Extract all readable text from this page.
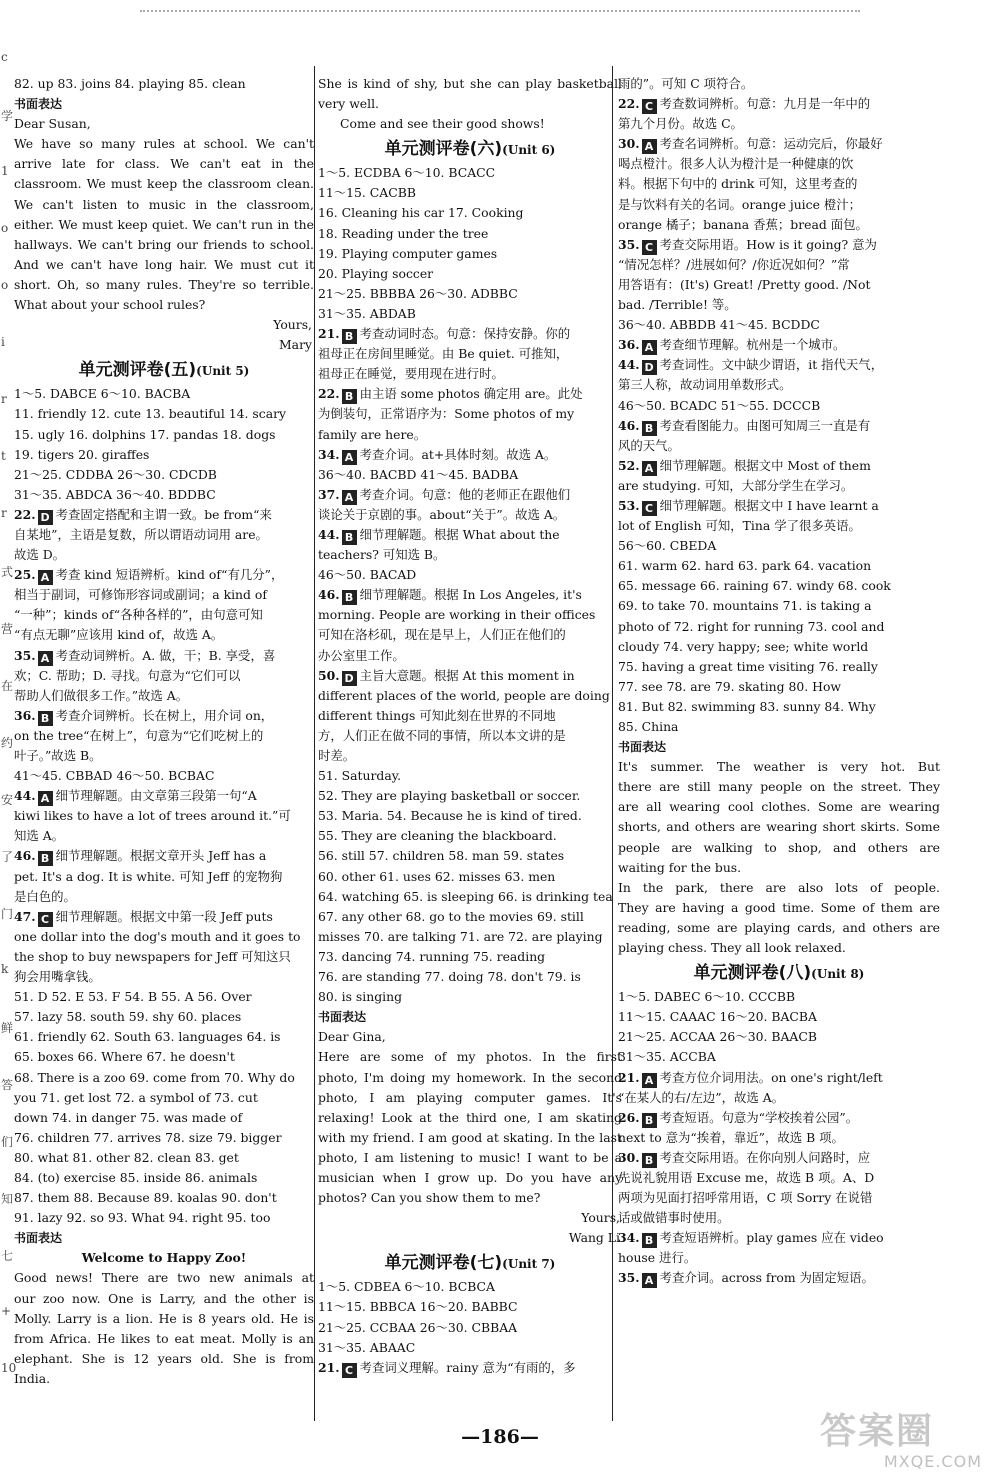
c
学
1
o
o
i
r
t
r
式
营
在
约
安
了
门
k
鲜
答
们
知
七
+
10
82. up 83. joins 84. playing 85. clean
书面表达
Dear Susan,
We have so many rules at school. We can't
arrive late for class. We can't eat in the
classroom. We must keep the classroom clean.
We can't listen to music in the classroom,
either. We must keep quiet. We can't run in the
hallways. We can't bring our friends to school.
And we can't have long hair. We must cut it
short. Oh, so many rules. They're so terrible.
What about your school rules?
Yours,
Mary
单元测评卷(五)(Unit 5)
1～5. DABCE 6～10. BACBA
11. friendly 12. cute 13. beautiful 14. scary
15. ugly 16. dolphins 17. pandas 18. dogs
19. tigers 20. giraffes
21～25. CDDBA 26～30. CDCDB
31～35. ABDCA 36～40. BDDBC
22. D 考查固定搭配和主谓一致。be from“来
自某地”，主语是复数，所以谓语动词用 are。
故选 D。
25. A 考查 kind 短语辨析。kind of“有几分”，
相当于副词，可修饰形容词或副词；a kind of
“一种”；kinds of“各种各样的”，由句意可知
“有点无聊”应该用 kind of，故选 A。
35. A 考查动词辨析。A. 做，干；B. 享受，喜
欢；C. 帮助；D. 寻找。句意为“它们可以
帮助人们做很多工作。”故选 A。
36. B 考查介词辨析。长在树上，用介词 on，
on the tree“在树上”，句意为“它们吃树上的
叶子。”故选 B。
41～45. CBBAD 46～50. BCBAC
44. A 细节理解题。由文章第三段第一句“A
kiwi likes to have a lot of trees around it.”可
知选 A。
46. B 细节理解题。根据文章开头 Jeff has a
pet. It's a dog. It is white. 可知 Jeff 的宠物狗
是白色的。
47. C 细节理解题。根据文中第一段 Jeff puts
one dollar into the dog's mouth and it goes to
the shop to buy newspapers for Jeff 可知这只
狗会用嘴拿钱。
51. D 52. E 53. F 54. B 55. A 56. Over
57. lazy 58. south 59. shy 60. places
61. friendly 62. South 63. languages 64. is
65. boxes 66. Where 67. he doesn't
68. There is a zoo 69. come from 70. Why do
you 71. get lost 72. a symbol of 73. cut
down 74. in danger 75. was made of
76. children 77. arrives 78. size 79. bigger
80. what 81. other 82. clean 83. get
84. (to) exercise 85. inside 86. animals
87. them 88. Because 89. koalas 90. don't
91. lazy 92. so 93. What 94. right 95. too
书面表达
Welcome to Happy Zoo!
Good news! There are two new animals at
our zoo now. One is Larry, and the other is
Molly. Larry is a lion. He is 8 years old. He is
from Africa. He likes to eat meat. Molly is an
elephant. She is 12 years old. She is from India.
She is kind of shy, but she can play basketball
very well.
Come and see their good shows!
单元测评卷(六)(Unit 6)
1～5. ECDBA 6～10. BCACC
11～15. CACBB
16. Cleaning his car 17. Cooking
18. Reading under the tree
19. Playing computer games
20. Playing soccer
21～25. BBBBA 26～30. ADBBC
31～35. ABDAB
21. B 考查动词时态。句意：保持安静。你的
祖母正在房间里睡觉。由 Be quiet. 可推知，
祖母正在睡觉，要用现在进行时。
22. B 由主语 some photos 确定用 are。此处
为倒装句，正常语序为：Some photos of my
family are here。
34. A 考查介词。at+具体时刻。故选 A。
36～40. BACBD 41～45. BADBA
37. A 考查介词。句意：他的老师正在跟他们
谈论关于京剧的事。about“关于”。故选 A。
44. B 细节理解题。根据 What about the
teachers? 可知选 B。
46～50. BACAD
46. B 细节理解题。根据 In Los Angeles, it's
morning. People are working in their offices
可知在洛杉矶，现在是早上，人们正在他们的
办公室里工作。
50. D 主旨大意题。根据 At this moment in
different places of the world, people are doing
different things 可知此刻在世界的不同地
方，人们正在做不同的事情，所以本文讲的是
时差。
51. Saturday.
52. They are playing basketball or soccer.
53. Maria. 54. Because he is kind of tired.
55. They are cleaning the blackboard.
56. still 57. children 58. man 59. states
60. other 61. uses 62. misses 63. men
64. watching 65. is sleeping 66. is drinking tea
67. any other 68. go to the movies 69. still
misses 70. are talking 71. are 72. are playing
73. dancing 74. running 75. reading
76. are standing 77. doing 78. don't 79. is
80. is singing
书面表达
Dear Gina,
Here are some of my photos. In the first
photo, I'm doing my homework. In the second
photo, I am playing computer games. It's
relaxing! Look at the third one, I am skating
with my friend. I am good at skating. In the last
photo, I am listening to music! I want to be a
musician when I grow up. Do you have any
photos? Can you show them to me?
Yours,
Wang Li
单元测评卷(七)(Unit 7)
1～5. CDBEA 6～10. BCBCA
11～15. BBBCA 16～20. BABBC
21～25. CCBAA 26～30. CBBAA
31～35. ABAAC
21. C 考查词义理解。rainy 意为“有雨的，多
雨的”。可知 C 项符合。
22. C 考查数词辨析。句意：九月是一年中的
第九个月份。故选 C。
30. A 考查名词辨析。句意：运动完后，你最好
喝点橙汁。很多人认为橙汁是一种健康的饮
料。根据下句中的 drink 可知，这里考查的
是与饮料有关的名词。orange juice 橙汁；
orange 橘子；banana 香蕉；bread 面包。
35. C 考查交际用语。How is it going? 意为
“情况怎样？/进展如何？/你近况如何？”常
用答语有：(It's) Great! /Pretty good. /Not
bad. /Terrible! 等。
36～40. ABBDB 41～45. BCDDC
36. A 考查细节理解。杭州是一个城市。
44. D 考查词性。文中缺少谓语，it 指代天气，
第三人称，故动词用单数形式。
46～50. BCADC 51～55. DCCCB
46. B 考查看图能力。由图可知周三一直是有
风的天气。
52. A 细节理解题。根据文中 Most of them
are studying. 可知，大部分学生在学习。
53. C 细节理解题。根据文中 I have learnt a
lot of English 可知，Tina 学了很多英语。
56～60. CBEDA
61. warm 62. hard 63. park 64. vacation
65. message 66. raining 67. windy 68. cook
69. to take 70. mountains 71. is taking a
photo of 72. right for running 73. cool and
cloudy 74. very happy; see; white world
75. having a great time visiting 76. really
77. see 78. are 79. skating 80. How
81. But 82. swimming 83. sunny 84. Why
85. China
书面表达
It's summer. The weather is very hot. But
there are still many people on the street. They
are all wearing cool clothes. Some are wearing
shorts, and others are wearing short skirts. Some
people are walking to shop, and others are
waiting for the bus.
In the park, there are also lots of people.
They are having a good time. Some of them are
reading, some are playing cards, and others are
playing chess. They all look relaxed.
单元测评卷(八)(Unit 8)
1～5. DABEC 6～10. CCCBB
11～15. CAAAC 16～20. BACBA
21～25. ACCAA 26～30. BAACB
31～35. ACCBA
21. A 考查方位介词用法。on one's right/left
“在某人的右/左边”，故选 A。
26. B 考查短语。句意为“学校挨着公园”。
next to 意为“挨着，靠近”，故选 B 项。
30. B 考查交际用语。在你向别人问路时，应
先说礼貌用语 Excuse me，故选 B 项。A、D
两项为见面打招呼常用语，C 项 Sorry 在说错
话或做错事时使用。
34. B 考查短语辨析。play games 应在 video
house 进行。
35. A 考查介词。across from 为固定短语。
—186—	答案圈
MXQE.COM
